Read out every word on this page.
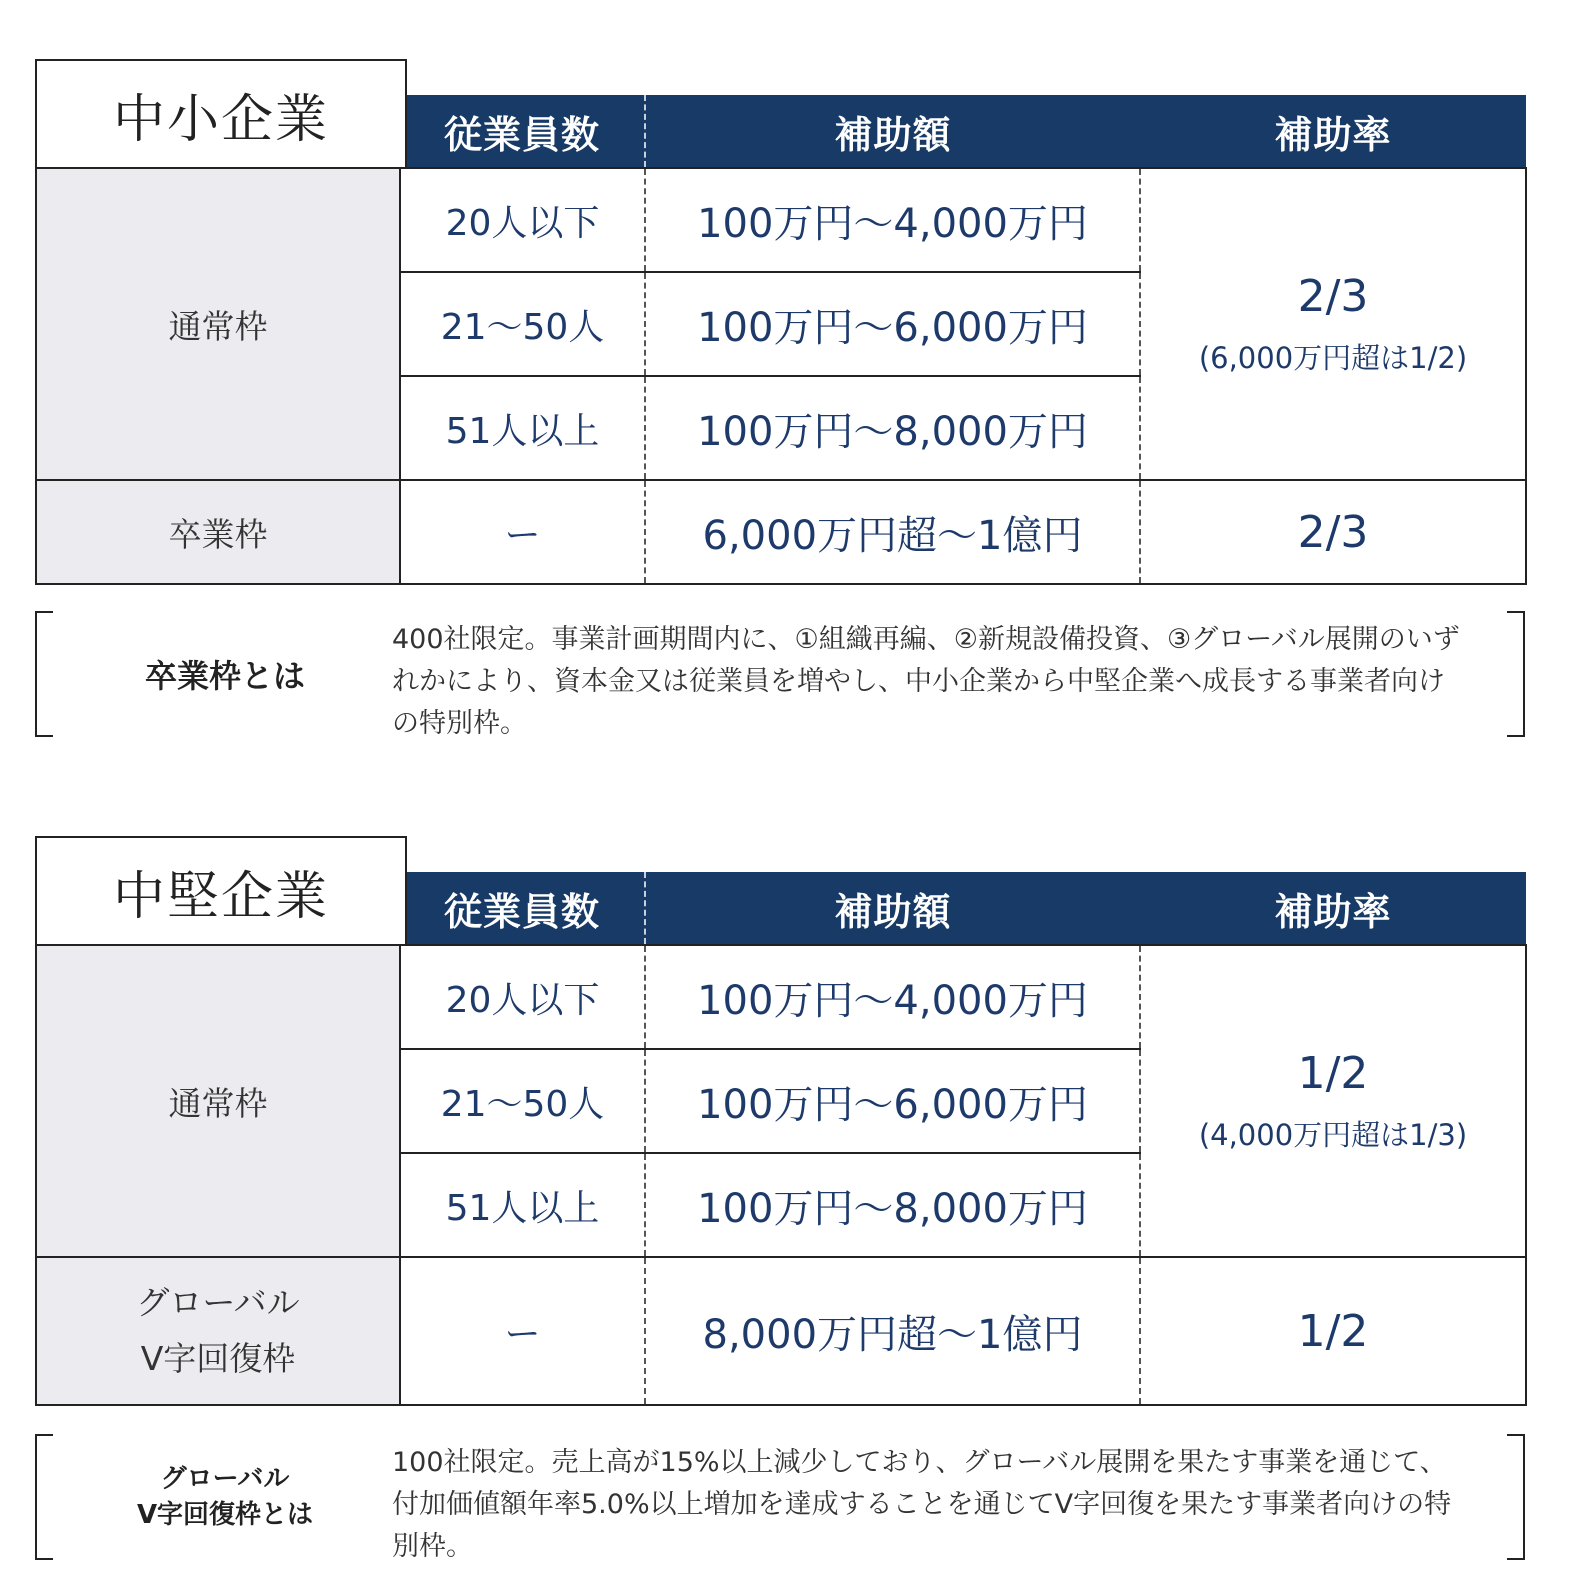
	従業員数	補助額	補助率
通常枠	20人以下	100万円〜4,000万円	2/3
(6,000万円超は1/2)

	21〜50人	100万円〜6,000万円	
	51人以上	100万円〜8,000万円	
卒業枠	ー	6,000万円超〜1億円	2/3
中小企業
卒業枠とは
400社限定。事業計画期間内に、①組織再編、②新規設備投資、③グローバル展開のいずれかにより、資本金又は従業員を増やし、中小企業から中堅企業へ成長する事業者向けの特別枠。
	従業員数	補助額	補助率
通常枠	20人以下	100万円〜4,000万円	1/2
(4,000万円超は1/3)

	21〜50人	100万円〜6,000万円	
	51人以上	100万円〜8,000万円	

グローバル
V字回復枠	ー	8,000万円超〜1億円	1/2
中堅企業
グローバル
V字回復枠とは
100社限定。売上高が15%以上減少しており、グローバル展開を果たす事業を通じて、付加価値額年率5.0%以上増加を達成することを通じてV字回復を果たす事業者向けの特別枠。
